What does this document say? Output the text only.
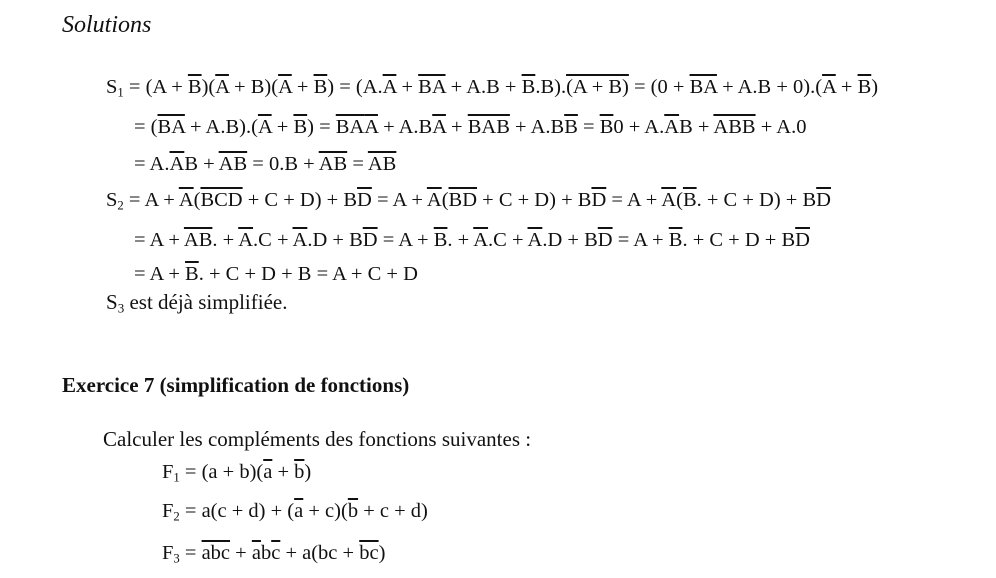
Solutions
$S_1 = (A + \overline{B})(\overline{A} + B)(\overline{A} + \overline{B}) = (A.\overline{A} + \overline{BA} + A.B + \overline{B}.B).(A + B) = (0 + \overline{BA} + A.B + 0).(\overline{A} + \overline{B})$
= $(\overline{BA} + A.B).(\overline{A} + \overline{B}) = \overline{BA}\overline{A} + A.B\overline{A} + \overline{BAB} + A.B\overline{B} = \overline{B}0 + A.\overline{A}B + \overline{ABB} + A.0$
= $A.\overline{A}B + \overline{AB} = 0.B + \overline{AB} = \overline{AB}$
$S_2 = A + \overline{A}(\overline{BCD} + C + D) + B\overline{D} = A + \overline{A}(\overline{BD} + C + D) + B\overline{D} = A + \overline{A}(\overline{B}$. + $C + D) + B\overline{D}$
= $A + \overline{AB}$. + $\overline{A}.C + \overline{A}.D + B\overline{D} = A + \overline{B}$. + $\overline{A}.C + \overline{A}.D + B\overline{D} = A + \overline{B}$. + $C + D + B\overline{D}$
= $A + \overline{B}$. + C + D + B = A + C + D
$S_3$ est déjà simplifiée.
Exercice 7 (simplification de fonctions)
Calculer les compléments des fonctions suivantes :
$F_1 = (a + b)(\overline{a} + \overline{b})$
$F_2 = a(c + d) + (\overline{a} + c)(\overline{b} + c + d)$
$F_3 = \overline{abc} + \overline{a}b\overline{c} + a(bc + \overline{bc})$
